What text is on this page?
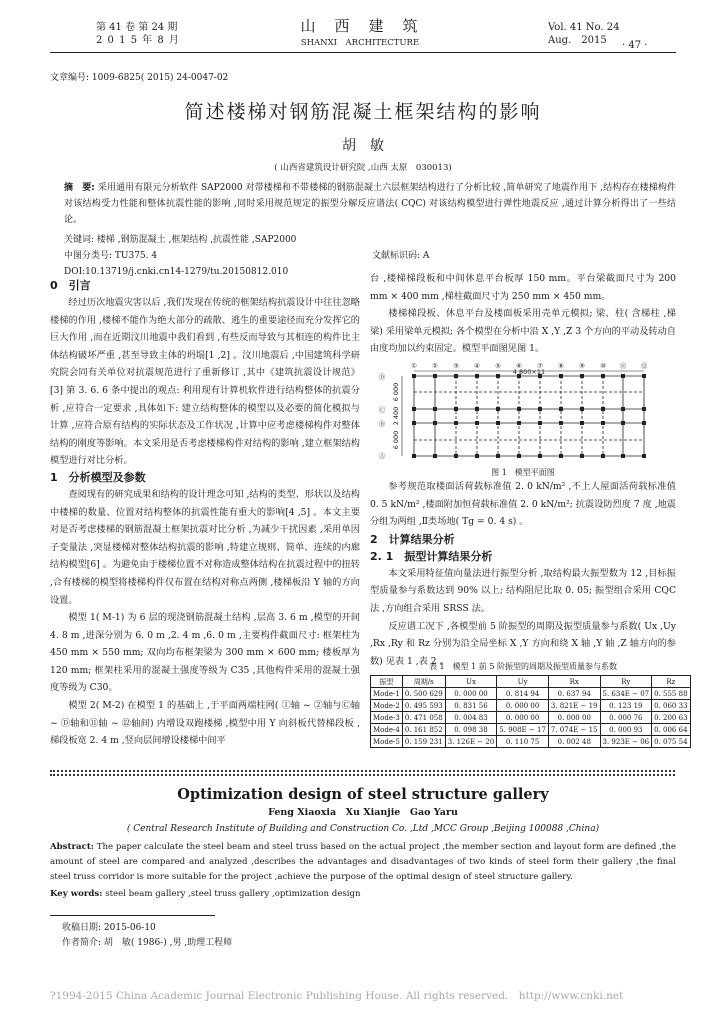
第 41 卷 第 24 期
2 0 1 5 年 8 月
山　西　建　筑
SHANXI　ARCHITECTURE
Vol. 41 No. 24
Aug.　2015 · 47 ·
文章编号: 1009-6825( 2015) 24-0047-02
简述楼梯对钢筋混凝土框架结构的影响
胡　敏
( 山西省建筑设计研究院 ,山西 太原　030013)
摘　要: 采用通用有限元分析软件 SAP2000 对带楼梯和不带楼梯的钢筋混凝土六层框架结构进行了分析比较 ,简单研究了地震作用下 ,结构存在楼梯构件对该结构受力性能和整体抗震性能的影响 ,同时采用规范规定的振型分解反应谱法( CQC) 对该结构模型进行弹性地震反应 ,通过计算分析得出了一些结论。
关键词: 楼梯 ,钢筋混凝土 ,框架结构 ,抗震性能 ,SAP2000
中图分类号: TU375. 4	文献标识码: A
DOI:10.13719/j.cnki.cn14-1279/tu.20150812.010
0　引言

经过历次地震灾害以后 ,我们发现在传统的框架结构抗震设计中往往忽略楼梯的作用 ,楼梯不能作为绝大部分的疏散、逃生的重要途径而充分发挥它的巨大作用 ,而在近期汶川地震中我们看到 ,有些反而导致与其相连的构件比主体结构破坏严重 ,甚至导致主体的坍塌[1 ,2] 。汶川地震后 ,中国建筑科学研究院会同有关单位对抗震规范进行了重新修订 ,其中《建筑抗震设计规范》[3] 第 3. 6. 6 条中提出的观点: 利用现有计算机软件进行结构整体的抗震分析 ,应符合一定要求 ,具体如下: 建立结构整体的模型以及必要的简化模拟与计算 ,应符合原有结构的实际状态及工作状况 ,计算中应考虑楼梯构件对整体结构的刚度等影响。本文采用是否考虑楼梯构件对结构的影响 ,建立框架结构模型进行对比分析。

1　分析模型及参数

查阅现有的研究成果和结构的设计理念可知 ,结构的类型、形状以及结构中楼梯的数量、位置对结构整体的抗震性能有重大的影响[4 ,5] 。本文主要对是否考虑楼梯的钢筋混凝土框架抗震对比分析 ,为减少干扰因素 ,采用单因子变量法 ,突显楼梯对整体结构抗震的影响 ,特建立规则、简单、连续的内廊结构模型[6] 。为避免由于楼梯位置不对称造成整体结构在抗震过程中的扭转 ,合有楼梯的模型将楼梯构件仅布置在结构对称点两侧 ,楼梯板沿 Y 轴的方向设置。

模型 1( M-1) 为 6 层的现浇钢筋混凝土结构 ,层高 3. 6 m ,模型的开间 4. 8 m ,进深分别为 6. 0 m ,2. 4 m ,6. 0 m ,主要构件截面尺寸: 框架柱为 450 mm × 550 mm; 双向均布框架梁为 300 mm × 600 mm; 楼板厚为 120 mm; 框架柱采用的混凝土强度等级为 C35 ,其他构件采用的混凝土强度等级为 C30。

模型 2( M-2) 在模型 1 的基础上 ,于平面两端柱网( ①轴 ~ ②轴与Ⓒ轴 ~ Ⓓ轴和⑪轴 ~ ⑫轴间) 内增设双跑楼梯 ,模型中用 Y 向斜板代替梯段板 ,梯段板宽 2. 4 m ,竖向层间增设楼梯中间平

台 ,楼梯梯段板和中间休息平台板厚 150 mm。平台梁截面尺寸为 200 mm × 400 mm ,梯柱截面尺寸为 250 mm × 450 mm。

楼梯梯段板、休息平台及楼面板采用壳单元模拟; 梁、柱( 含梯柱 ,梯梁) 采用梁单元模拟; 各个模型在分析中沿 X ,Y ,Z 3 个方向的平动及转动自由度均加以约束固定。模型平面图见图 1。

① ② ③ ④ ⑤ ⑥ ⑦ ⑧ ⑨ ⑩ ⑪ ⑫
4 800×11
Ⓓ
Ⓒ
Ⓑ
Ⓐ
6 000
2 400
6 000
图 1　模型平面图

参考规范取楼面活荷载标准值 2. 0 kN/m² ,不上人屋面活荷载标准值 0. 5 kN/m² ,楼面附加恒荷载标准值 2. 0 kN/m²; 抗震设防烈度 7 度 ,地震分组为两组 ,Ⅱ类场地( Tg = 0. 4 s) 。

2　计算结果分析
2. 1　振型计算结果分析

本文采用特征值向量法进行振型分析 ,取结构最大振型数为 12 ,目标振型质量参与系数达到 90% 以上; 结构阻尼比取 0. 05; 振型组合采用 CQC 法 ,方向组合采用 SRSS 法。

反应谱工况下 ,各模型前 5 阶振型的周期及振型质量参与系数( Ux ,Uy ,Rx ,Ry 和 Rz 分别为沿全局坐标 X ,Y 方向和绕 X 轴 ,Y 轴 ,Z 轴方向的参数) 见表 1 ,表 2 。

表 1　模型 1 前 5 阶振型的周期及振型质量参与系数
振型	周期/s	Ux	Uy	Rx	Ry	Rz
Mode-1	0. 500 629	0. 000 00	0. 814 94	0. 637 94	5. 634E − 07	0. 555 88
Mode-2	0. 495 593	0. 831 56	0. 000 00	3. 821E − 19	0. 123 19	0. 060 33
Mode-3	0. 471 058	0. 004 83	0. 000 00	0. 000 00	0. 000 76	0. 200 63
Mode-4	0. 161 852	0. 098 38	5. 908E − 17	7. 074E − 15	0. 000 93	0. 006 64
Mode-5	0. 159 231	3. 126E − 20	0. 110 75	0. 002 48	3. 923E − 06	0. 075 54
Optimization design of steel structure gallery
Feng Xiaoxia　Xu Xianjie　Gao Yaru
( Central Research Institute of Building and Construction Co. ,Ltd ,MCC Group ,Beijing 100088 ,China)
Abstract: The paper calculate the steel beam and steel truss based on the actual project ,the member section and layout form are defined ,the amount of steel are compared and analyzed ,describes the advantages and disadvantages of two kinds of steel form their gallery ,the final steel truss corridor is more suitable for the project ,achieve the purpose of the optimal design of steel structure gallery.
Key words: steel beam gallery ,steel truss gallery ,optimization design
收稿日期: 2015-06-10
作者简介: 胡　敏( 1986-) ,男 ,助理工程师
?1994-2015 China Academic Journal Electronic Publishing House. All rights reserved.　http://www.cnki.net
